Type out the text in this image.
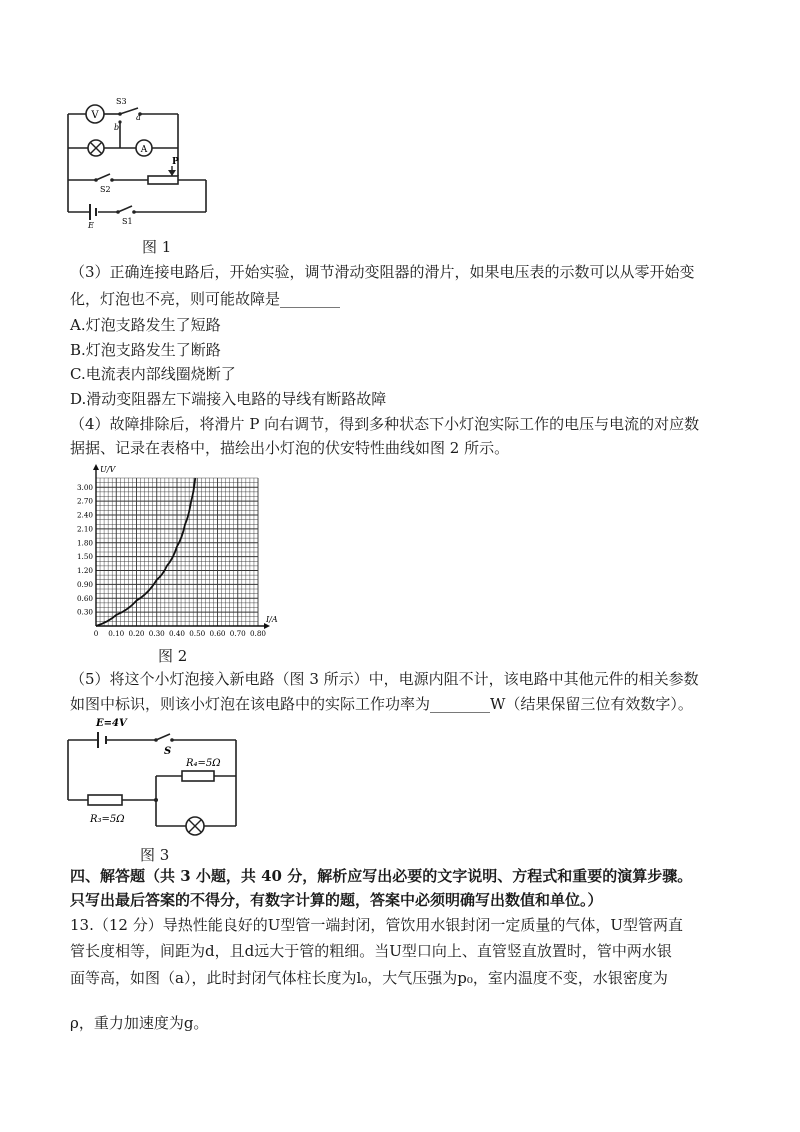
V
A
S3
a
b
P
S2
S1
E
图 1
（3）正确连接电路后，开始实验，调节滑动变阻器的滑片，如果电压表的示数可以从零开始变
化，灯泡也不亮，则可能故障是________
A.灯泡支路发生了短路
B.灯泡支路发生了断路
C.电流表内部线圈烧断了
D.滑动变阻器左下端接入电路的导线有断路故障
（4）故障排除后，将滑片 P 向右调节，得到多种状态下小灯泡实际工作的电压与电流的对应数
据据、记录在表格中，描绘出小灯泡的伏安特性曲线如图 2 所示。
U/V
I/A
0 0.10 0.20 0.30 0.40 0.50 0.60 0.70 0.80
0.30
0.60
0.90
1.20
1.50
1.80
2.10
2.40
2.70
3.00
图 2
（5）将这个小灯泡接入新电路（图 3 所示）中，电源内阻不计，该电路中其他元件的相关参数
如图中标识，则该小灯泡在该电路中的实际工作功率为________W（结果保留三位有效数字）。
E=4V
S
R₄=5Ω
R₃=5Ω
图 3
四、解答题（共 3 小题，共 40 分，解析应写出必要的文字说明、方程式和重要的演算步骤。
只写出最后答案的不得分，有数字计算的题，答案中必须明确写出数值和单位。）
13.（12 分）导热性能良好的U型管一端封闭，管饮用水银封闭一定质量的气体，U型管两直
管长度相等，间距为d，且d远大于管的粗细。当U型口向上、直管竖直放置时，管中两水银
面等高，如图（a），此时封闭气体柱长度为l₀，大气压强为p₀，室内温度不变，水银密度为
ρ，重力加速度为g。
